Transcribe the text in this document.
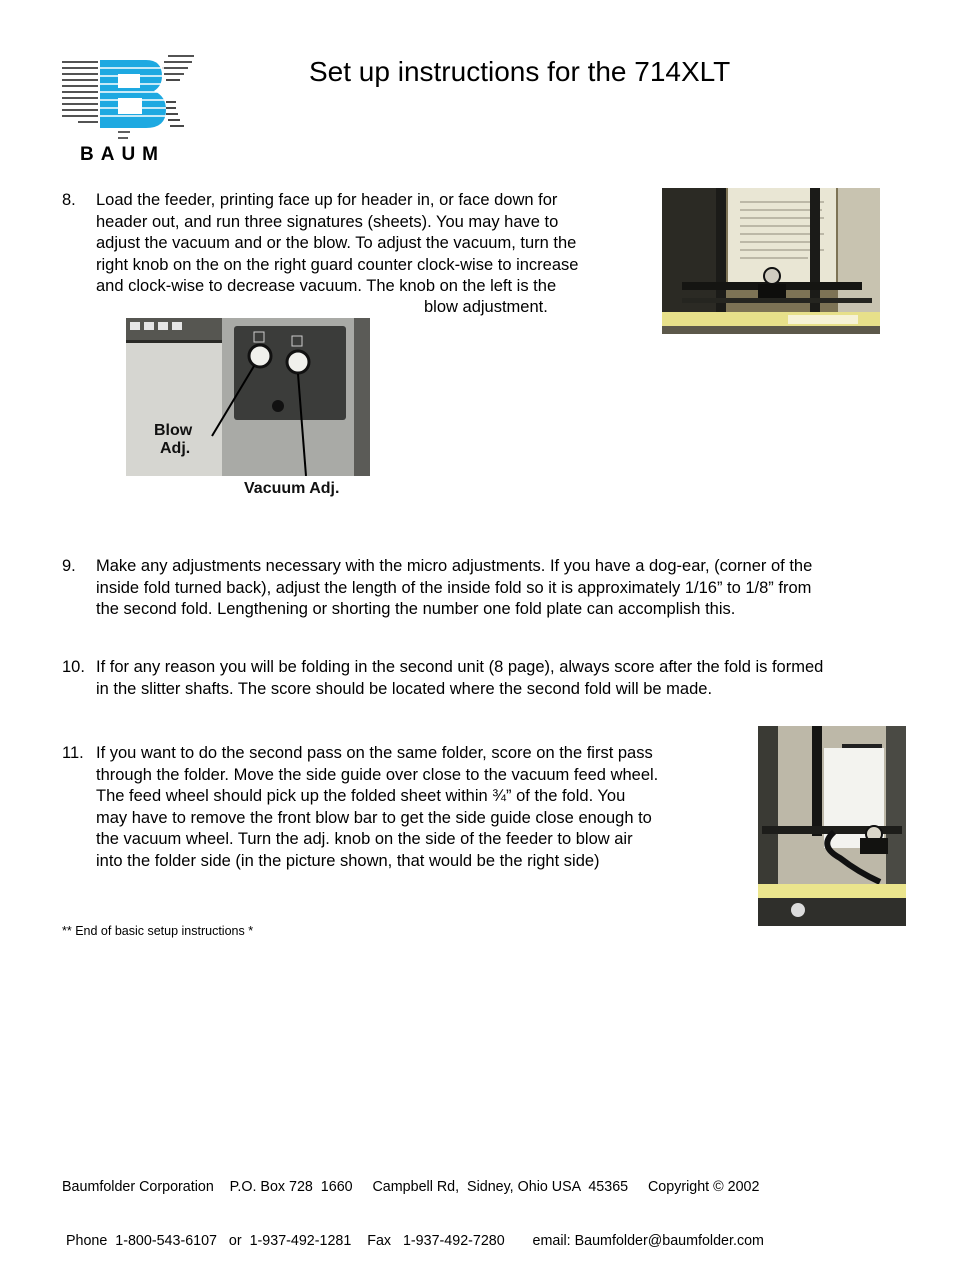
BAUM
Set up instructions for the 714XLT
8. Load the feeder, printing face up for header in, or face down for
header out, and run three signatures (sheets). You may have to
adjust the vacuum and or the blow. To adjust the vacuum, turn the
right knob on the on the right guard counter clock-wise to increase
and clock-wise to decrease vacuum. The knob on the left is the
blow adjustment.
Blow
Adj.
Vacuum Adj.
9. Make any adjustments necessary with the micro adjustments. If you have a dog-ear, (corner of the
inside fold turned back), adjust the length of the inside fold so it is approximately 1/16” to 1/8” from
the second fold. Lengthening or shorting the number one fold plate can accomplish this.
10. If for any reason you will be folding in the second unit (8 page), always score after the fold is formed
in the slitter shafts. The score should be located where the second fold will be made.
11. If you want to do the second pass on the same folder, score on the first pass
through the folder. Move the side guide over close to the vacuum feed wheel.
The feed wheel should pick up the folded sheet within ¾” of the fold. You
may have to remove the front blow bar to get the side guide close enough to
the vacuum wheel. Turn the adj. knob on the side of the feeder to blow air
into the folder side (in the picture shown, that would be the right side)
** End of basic setup instructions *

Baumfolder Corporation    P.O. Box 728  1660     Campbell Rd,  Sidney, Ohio USA  45365     Copyright © 2002

Phone  1-800-543-6107   or  1-937-492-1281    Fax   1-937-492-7280       email: Baumfolder@baumfolder.com
